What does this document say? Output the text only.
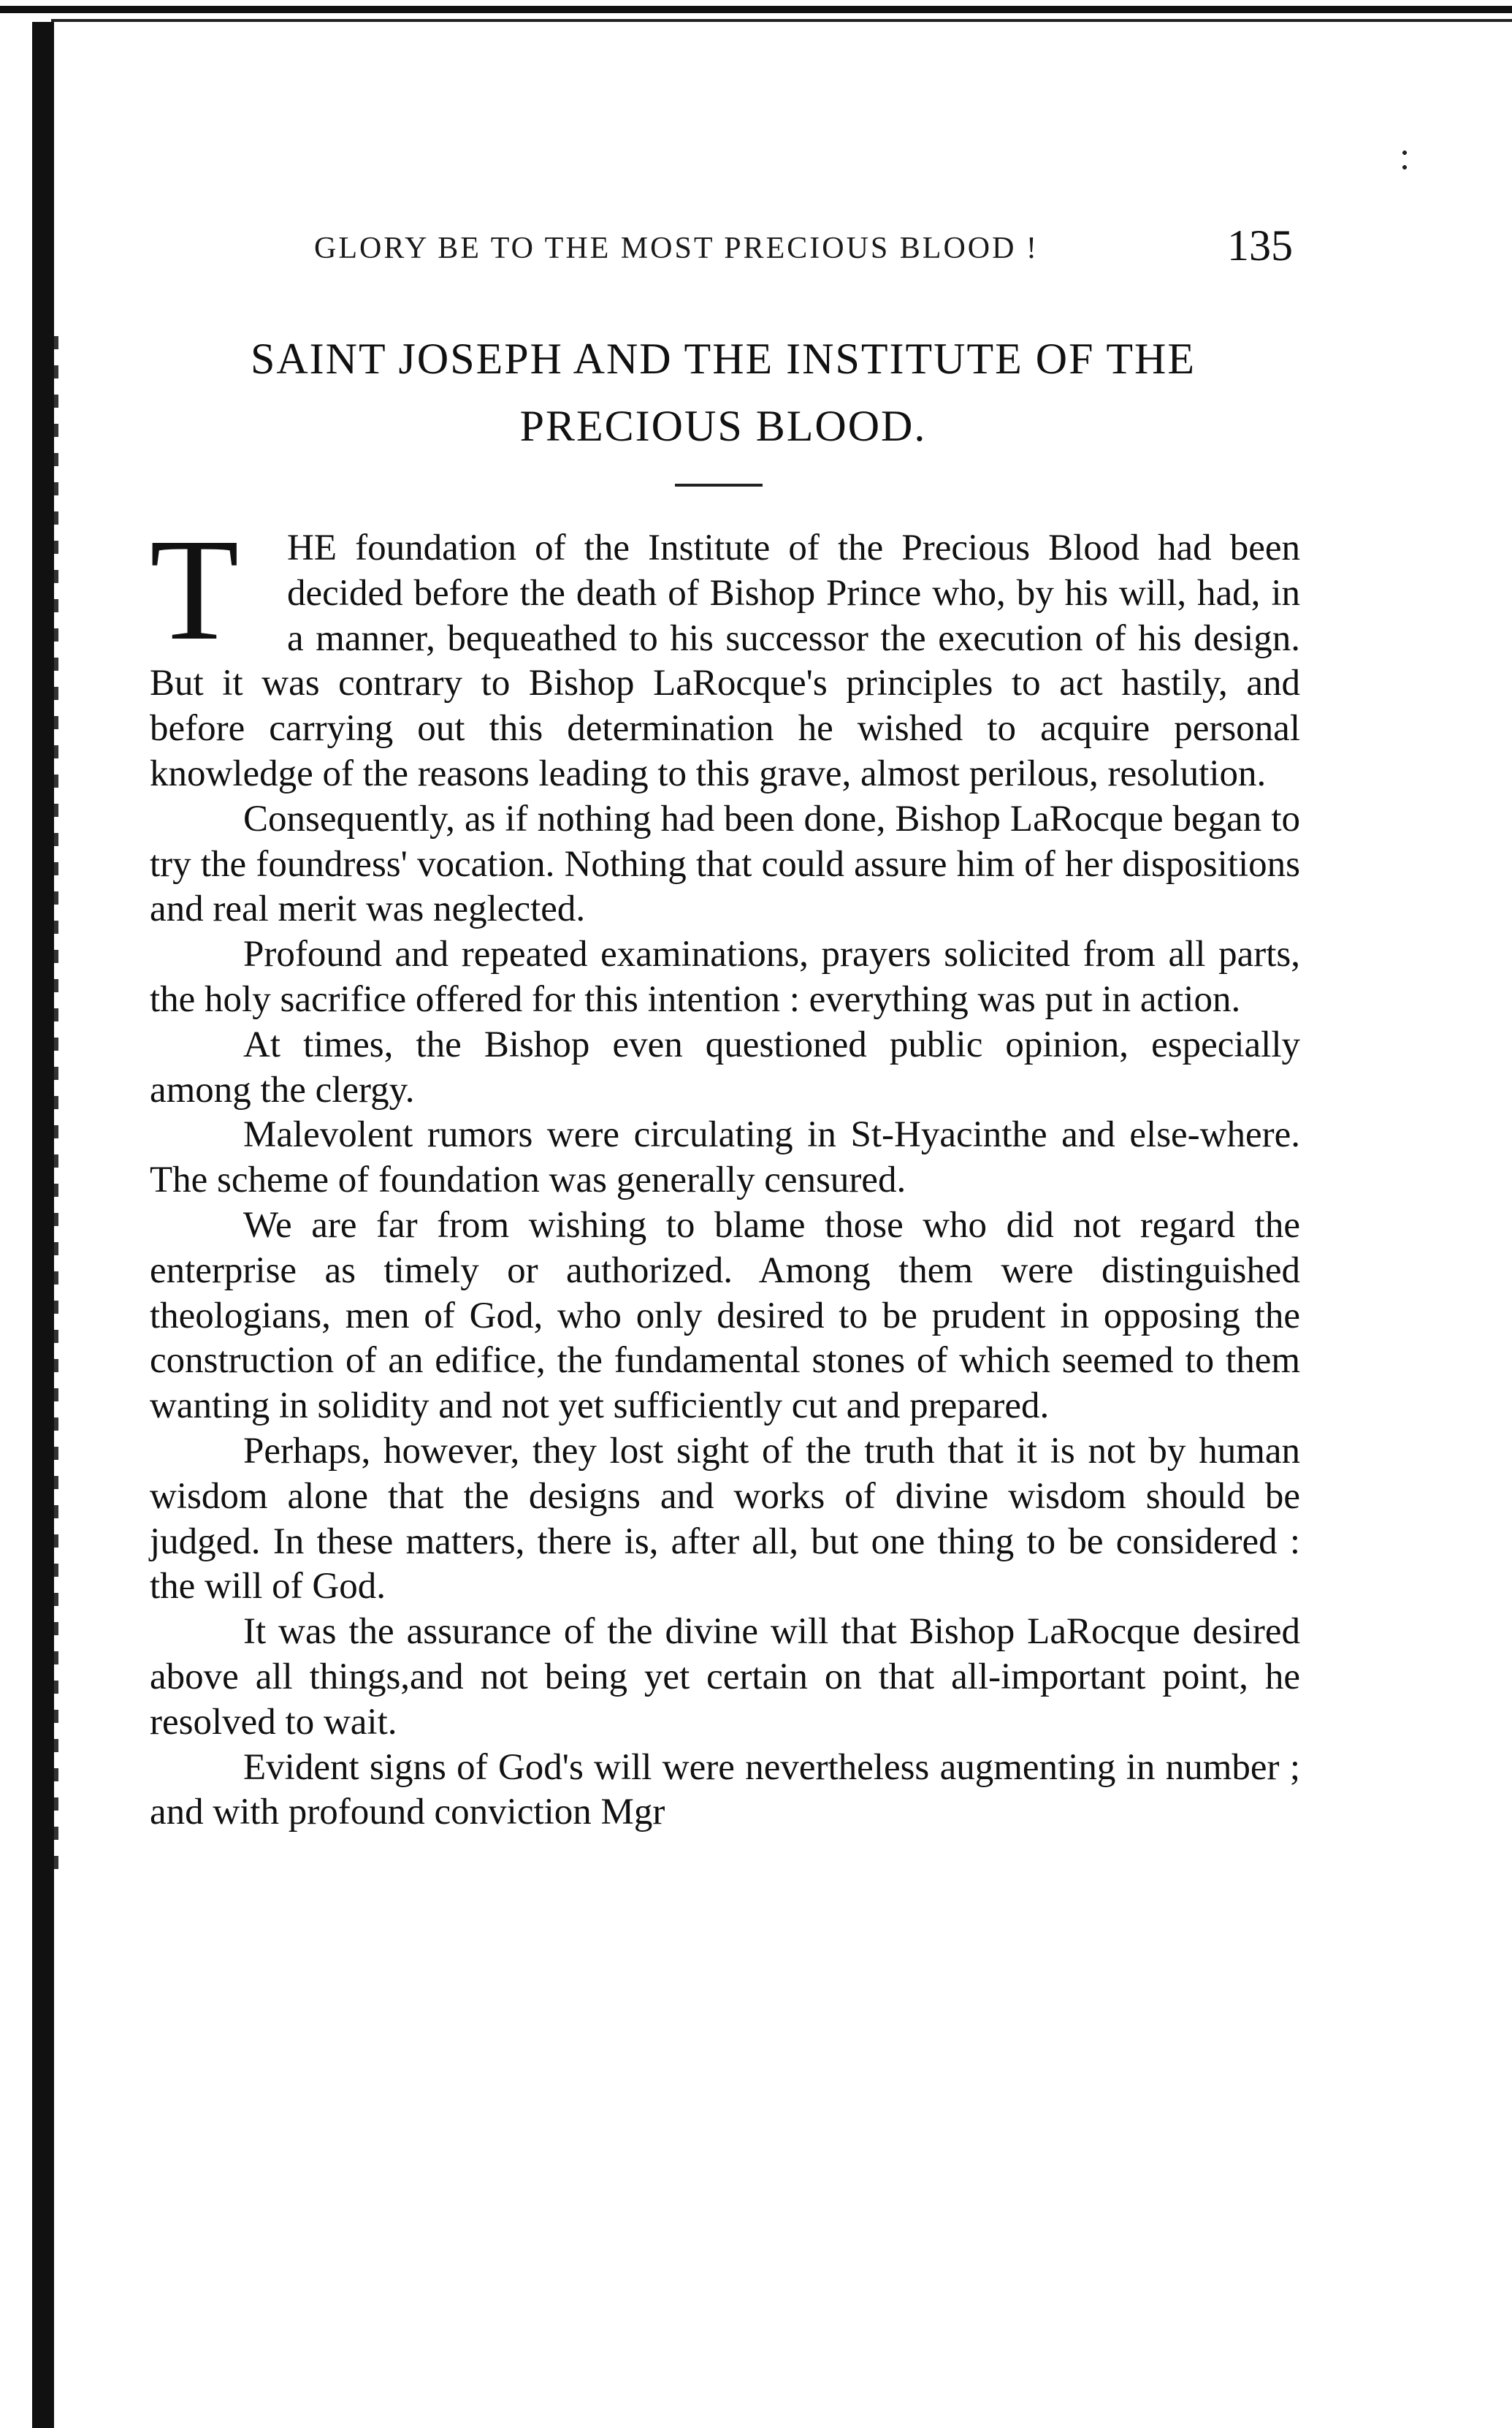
GLORY BE TO THE MOST PRECIOUS BLOOD !	135
SAINT JOSEPH AND THE INSTITUTE OF THE PRECIOUS BLOOD.

T	HE foundation of the Institute of the Precious Blood had been decided before the death of Bishop Prince who, by his will, had, in a manner, bequeathed to his successor the execution of his design. But it was contrary to Bishop LaRocque's principles to act hastily, and before carrying out this determination he wished to acquire personal knowledge of the reasons leading to this grave, almost perilous, resolution.

Consequently, as if nothing had been done, Bishop LaRocque began to try the foundress' vocation. Nothing that could assure him of her dispositions and real merit was neglected.

Profound and repeated examinations, prayers solicited from all parts, the holy sacrifice offered for this intention : everything was put in action.

At times, the Bishop even questioned public opinion, especially among the clergy.

Malevolent rumors were circulating in St-Hyacinthe and else-where. The scheme of foundation was generally censured.

We are far from wishing to blame those who did not regard the enterprise as timely or authorized. Among them were distinguished theologians, men of God, who only desired to be prudent in opposing the construction of an edifice, the fundamental stones of which seemed to them wanting in solidity and not yet sufficiently cut and prepared.

Perhaps, however, they lost sight of the truth that it is not by human wisdom alone that the designs and works of divine wisdom should be judged. In these matters, there is, after all, but one thing to be considered : the will of God.

It was the assurance of the divine will that Bishop LaRocque desired above all things,and not being yet certain on that all-important point, he resolved to wait.

Evident signs of God's will were nevertheless augmenting in number ; and with profound conviction Mgr
